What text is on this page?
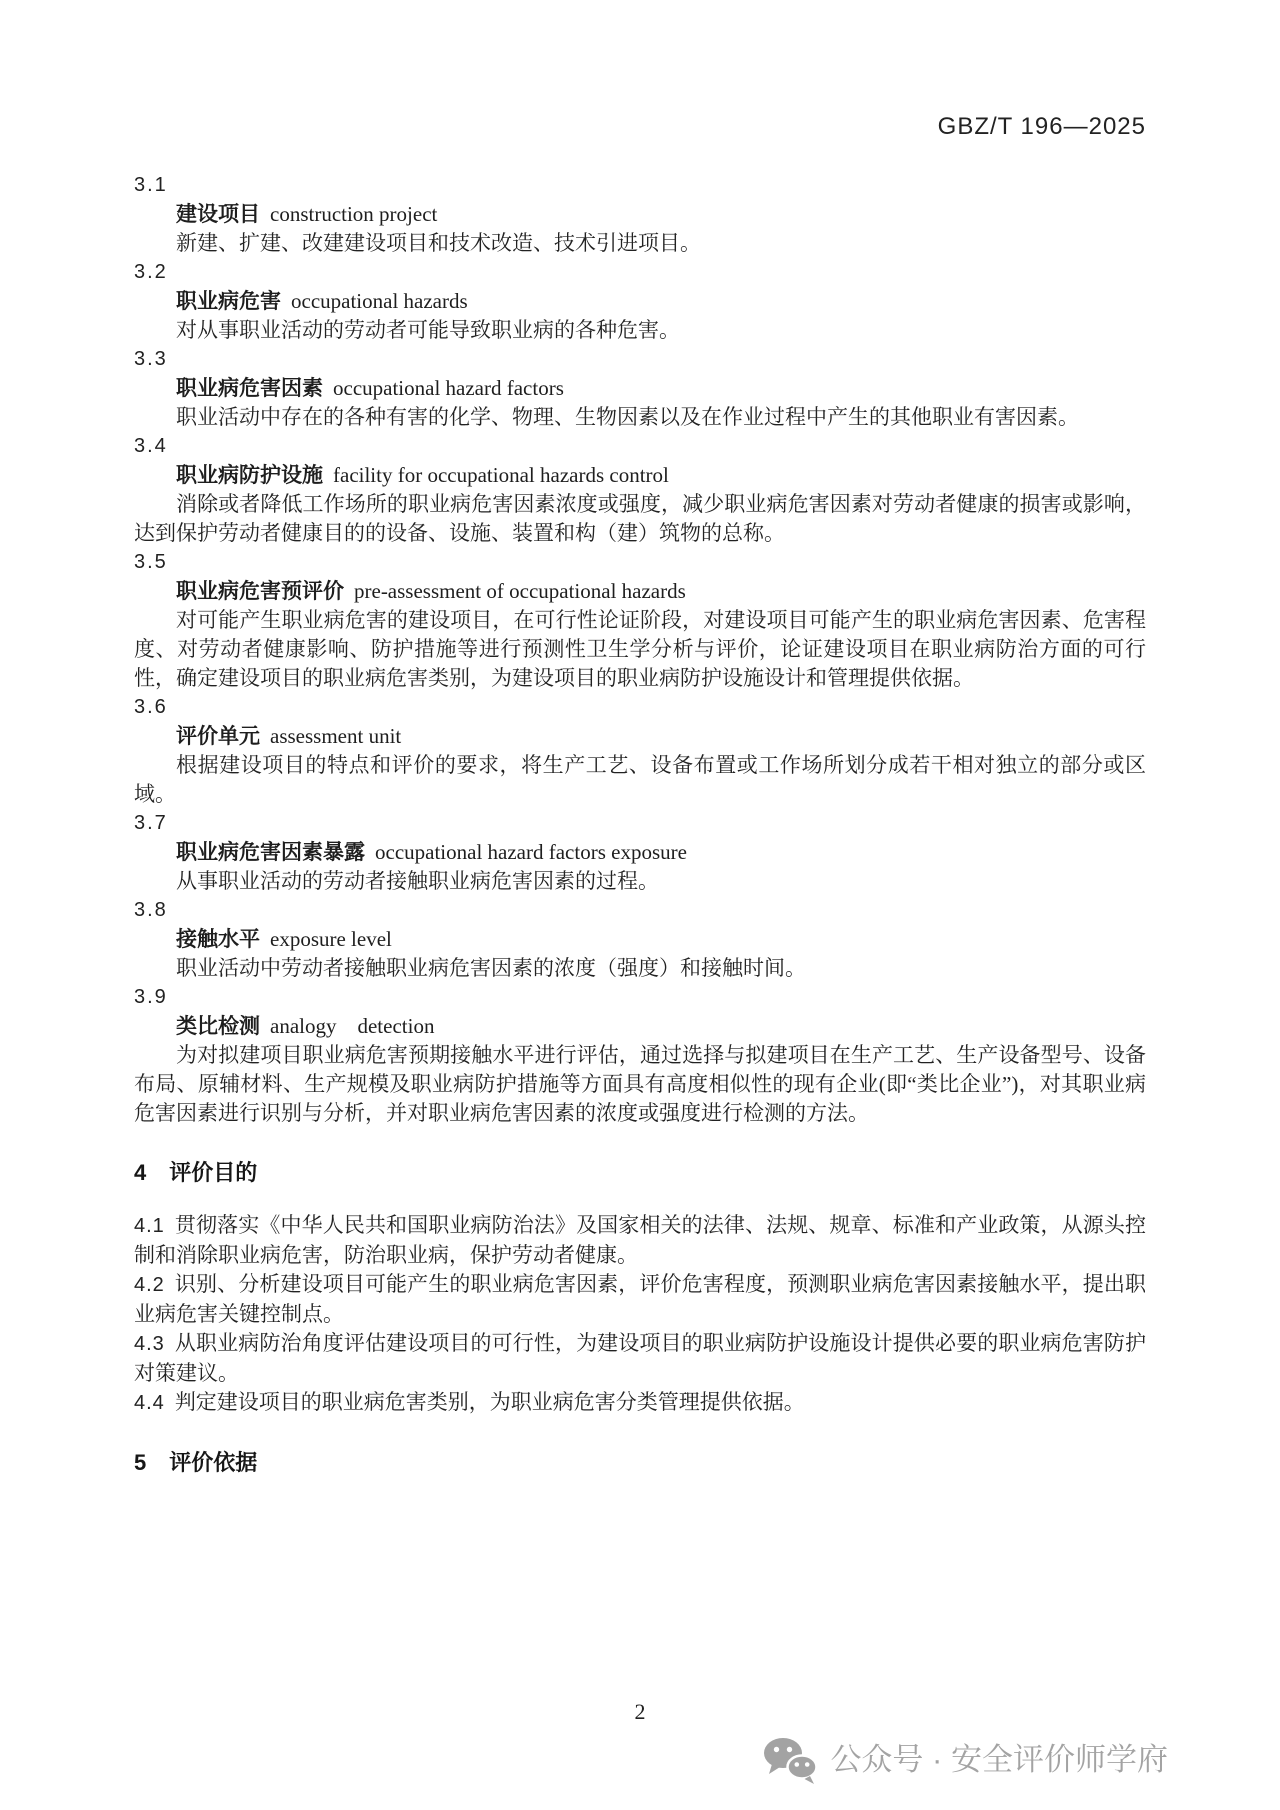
GBZ/T 196—2025
3.1
建设项目 construction project

新建、扩建、改建建设项目和技术改造、技术引进项目。

3.2
职业病危害 occupational hazards

对从事职业活动的劳动者可能导致职业病的各种危害。

3.3
职业病危害因素 occupational hazard factors

职业活动中存在的各种有害的化学、物理、生物因素以及在作业过程中产生的其他职业有害因素。

3.4
职业病防护设施 facility for occupational hazards control

消除或者降低工作场所的职业病危害因素浓度或强度，减少职业病危害因素对劳动者健康的损害或影响，达到保护劳动者健康目的的设备、设施、装置和构（建）筑物的总称。

3.5
职业病危害预评价 pre-assessment of occupational hazards

对可能产生职业病危害的建设项目，在可行性论证阶段，对建设项目可能产生的职业病危害因素、危害程度、对劳动者健康影响、防护措施等进行预测性卫生学分析与评价，论证建设项目在职业病防治方面的可行性，确定建设项目的职业病危害类别，为建设项目的职业病防护设施设计和管理提供依据。

3.6
评价单元 assessment unit

根据建设项目的特点和评价的要求，将生产工艺、设备布置或工作场所划分成若干相对独立的部分或区域。

3.7
职业病危害因素暴露 occupational hazard factors exposure

从事职业活动的劳动者接触职业病危害因素的过程。

3.8
接触水平 exposure level

职业活动中劳动者接触职业病危害因素的浓度（强度）和接触时间。

3.9
类比检测 analogy detection

为对拟建项目职业病危害预期接触水平进行评估，通过选择与拟建项目在生产工艺、生产设备型号、设备布局、原辅材料、生产规模及职业病防护措施等方面具有高度相似性的现有企业(即“类比企业”)，对其职业病危害因素进行识别与分析，并对职业病危害因素的浓度或强度进行检测的方法。

4 评价目的

4.1 贯彻落实《中华人民共和国职业病防治法》及国家相关的法律、法规、规章、标准和产业政策，从源头控制和消除职业病危害，防治职业病，保护劳动者健康。

4.2 识别、分析建设项目可能产生的职业病危害因素，评价危害程度，预测职业病危害因素接触水平，提出职业病危害关键控制点。

4.3 从职业病防治角度评估建设项目的可行性，为建设项目的职业病防护设施设计提供必要的职业病危害防护对策建议。

4.4 判定建设项目的职业病危害类别，为职业病危害分类管理提供依据。

5 评价依据
2
公众号 · 安全评价师学府
